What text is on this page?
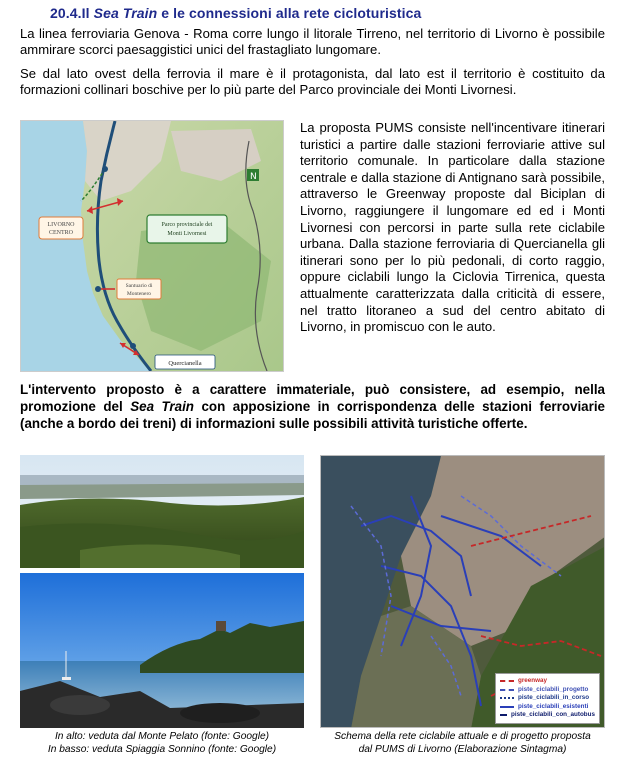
20.4.Il Sea Train e le connessioni alla rete cicloturistica

La linea ferroviaria Genova - Roma corre lungo il litorale Tirreno, nel territorio di Livorno è possibile ammirare scorci paesaggistici unici del frastagliato lungomare.

Se dal lato ovest della ferrovia il mare è il protagonista, dal lato est il territorio è costituito da formazioni collinari boschive per lo più parte del Parco provinciale dei Monti Livornesi.

N
LIVORNO
CENTRO
Parco provinciale dei
Monti Livornesi
Santuario di
Montenero
Quercianella

La proposta PUMS consiste nell'incentivare itinerari turistici a partire dalle stazioni ferroviarie attive sul territorio comunale. In particolare dalla stazione centrale e dalla stazione di Antignano sarà possibile, attraverso le Greenway proposte dal Biciplan di Livorno, raggiungere il lungomare ed ed i Monti Livornesi con percorsi in parte sulla rete ciclabile urbana. Dalla stazione ferroviaria di Quercianella gli itinerari sono per lo più pedonali, di corto raggio, oppure ciclabili lungo la Ciclovia Tirrenica, questa attualmente caratterizzata dalla criticità di essere, nel tratto litoraneo a sud del centro abitato di Livorno, in promiscuo con le auto.

L'intervento proposto è a carattere immateriale, può consistere, ad esempio, nella promozione del Sea Train con apposizione in corrispondenza delle stazioni ferroviarie (anche a bordo dei treni) di informazioni sulle possibili attività turistiche offerte.

greenway
piste_ciclabili_progetto
piste_ciclabili_in_corso
piste_ciclabili_esistenti
piste_ciclabili_con_autobus
In alto: veduta dal Monte Pelato (fonte: Google)
In basso: veduta Spiaggia Sonnino (fonte: Google)
Schema della rete ciclabile attuale e di progetto proposta
dal PUMS di Livorno (Elaborazione Sintagma)
